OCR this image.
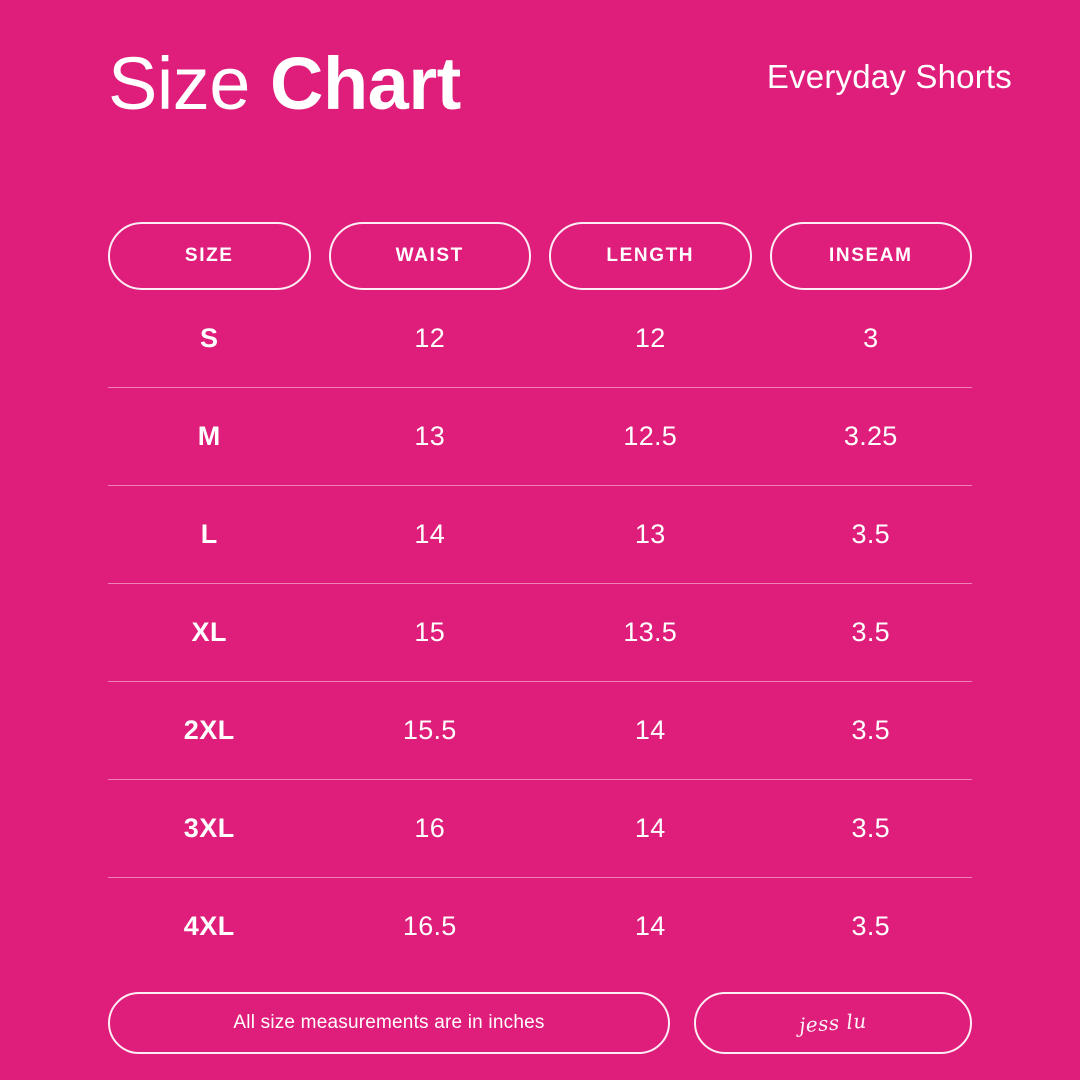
Size Chart	Everyday Shorts
SIZE	WAIST	LENGTH	INSEAM
S	12	12	3
M	13	12.5	3.25
L	14	13	3.5
XL	15	13.5	3.5
2XL	15.5	14	3.5
3XL	16	14	3.5
4XL	16.5	14	3.5
All size measurements are in inches	jess lu
